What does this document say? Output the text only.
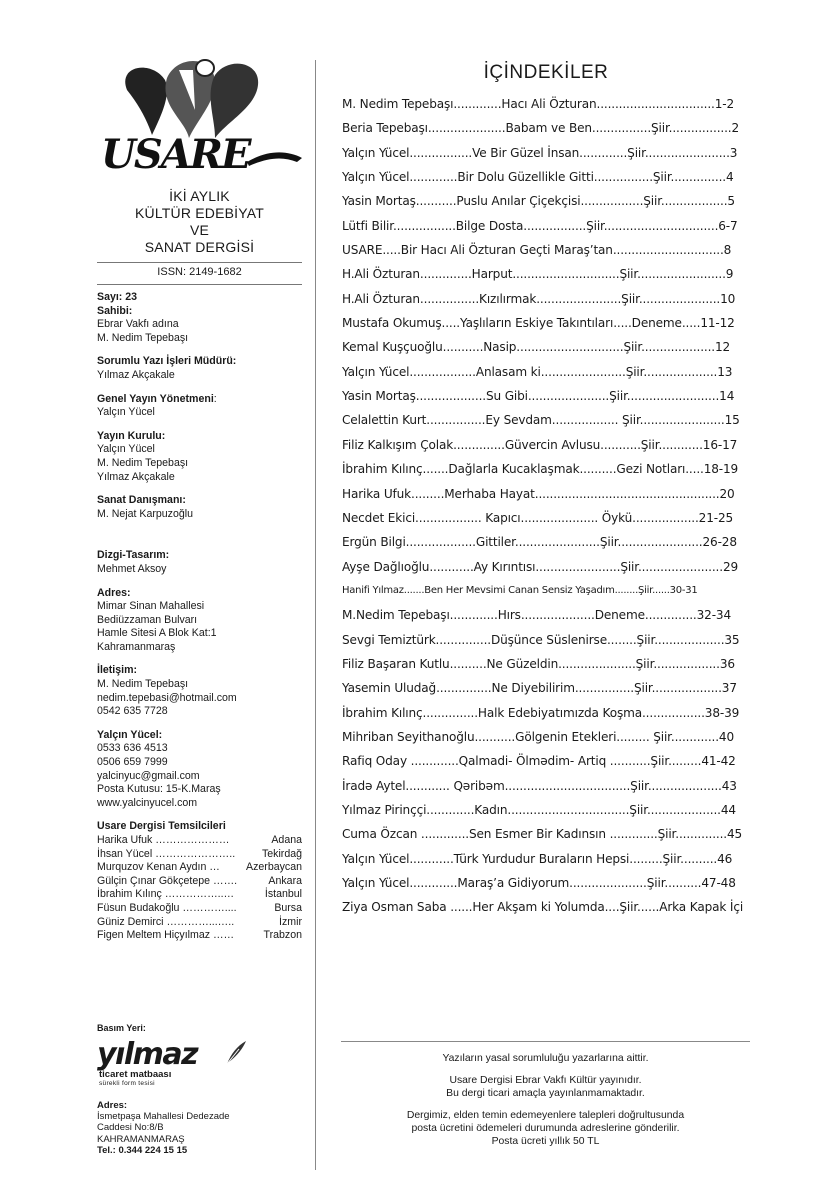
USARE
İKİ AYLIK
KÜLTÜR EDEBİYAT
VE
SANAT DERGİSİ
ISSN: 2149-1682
Sayı: 23
Sahibi:
Ebrar Vakfı adına
M. Nedim Tepebaşı
Sorumlu Yazı İşleri Müdürü:
Yılmaz Akçakale
Genel Yayın Yönetmeni:
Yalçın Yücel
Yayın Kurulu:
Yalçın Yücel
M. Nedim Tepebaşı
Yılmaz Akçakale
Sanat Danışmanı:
M. Nejat Karpuzoğlu
Dizgi-Tasarım:
Mehmet Aksoy
Adres:
Mimar Sinan Mahallesi
Bediüzzaman Bulvarı
Hamle Sitesi A Blok Kat:1
Kahramanmaraş
İletişim:
M. Nedim Tepebaşı
nedim.tepebasi@hotmail.com
0542 635 7728
Yalçın Yücel:
0533 636 4513
0506 659 7999
yalcinyuc@gmail.com
Posta Kutusu: 15-K.Maraş
www.yalcinyucel.com
Usare Dergisi Temsilcileri
Harika Ufuk …………………	Adana
İhsan Yücel …………………..	Tekirdağ
Murquzov Kenan Aydın … Azerbaycan
Gülçin Çınar Gökçetepe …….	Ankara
İbrahim Kılınç ……………..…	İstanbul
Füsun Budakoğlu …………....	Bursa
Güniz Demirci …………...…..	İzmir
Figen Meltem Hiçyılmaz ……	Trabzon
Basım Yeri:
yılmaz
ticaret matbaası
sürekli form tesisi
Adres:
İsmetpaşa Mahallesi Dedezade
Caddesi No:8/B
KAHRAMANMARAŞ
Tel.: 0.344 224 15 15
İÇİNDEKİLER
M. Nedim Tepebaşı.............Hacı Ali Özturan................................1-2
Beria Tepebaşı.....................Babam ve Ben................Şiir.................2
Yalçın Yücel.................Ve Bir Güzel İnsan.............Şiir.......................3
Yalçın Yücel.............Bir Dolu Güzellikle Gitti................Şiir...............4
Yasin Mortaş...........Puslu Anılar Çiçekçisi.................Şiir..................5
Lütfi Bilir.................Bilge Dosta.................Şiir...............................6-7
USARE.....Bir Hacı Ali Özturan Geçti Maraş’tan..............................8
H.Ali Özturan..............Harput.............................Şiir........................9
H.Ali Özturan................Kızılırmak.......................Şiir......................10
Mustafa Okumuş.....Yaşlıların Eskiye Takıntıları.....Deneme.....11-12
Kemal Kuşçuoğlu...........Nasip.............................Şiir....................12
Yalçın Yücel..................Anlasam ki.......................Şiir....................13
Yasin Mortaş...................Su Gibi......................Şiir.........................14
Celalettin Kurt................Ey Sevdam.................. Şiir.......................15
Filiz Kalkışım Çolak..............Güvercin Avlusu...........Şiir............16-17
İbrahim Kılınç.......Dağlarla Kucaklaşmak..........Gezi Notları.....18-19
Harika Ufuk.........Merhaba Hayat..................................................20
Necdet Ekici.................. Kapıcı..................... Öykü..................21-25
Ergün Bilgi...................Gittiler.......................Şiir.......................26-28
Ayşe Dağlıoğlu............Ay Kırıntısı.......................Şiir.......................29
Hanifi Yılmaz.......Ben Her Mevsimi Canan Sensiz Yaşadım........Şiir......30-31
M.Nedim Tepebaşı.............Hırs....................Deneme..............32-34
Sevgi Temiztürk...............Düşünce Süslenirse........Şiir...................35
Filiz Başaran Kutlu..........Ne Güzeldin.....................Şiir..................36
Yasemin Uludağ...............Ne Diyebilirim................Şiir...................37
İbrahim Kılınç...............Halk Edebiyatımızda Koşma.................38-39
Mihriban Seyithanoğlu...........Gölgenin Etekleri......... Şiir.............40
Rafiq Oday .............Qalmadi- Ölmədim- Artiq ...........Şiir.........41-42
İradə Aytel............ Qəribəm..................................Şiir....................43
Yılmaz Pirinççi.............Kadın.................................Şiir....................44
Cuma Özcan .............Sen Esmer Bir Kadınsın .............Şiir..............45
Yalçın Yücel............Türk Yurdudur Buraların Hepsi.........Şiir..........46
Yalçın Yücel.............Maraş’a Gidiyorum.....................Şiir..........47-48
Ziya Osman Saba ......Her Akşam ki Yolumda....Şiir......Arka Kapak İçi

Yazıların yasal sorumluluğu yazarlarına aittir.

Usare Dergisi Ebrar Vakfı Kültür yayınıdır.
Bu dergi ticari amaçla yayınlanmamaktadır.

Dergimiz, elden temin edemeyenlere talepleri doğrultusunda
posta ücretini ödemeleri durumunda adreslerine gönderilir.
Posta ücreti yıllık 50 TL
